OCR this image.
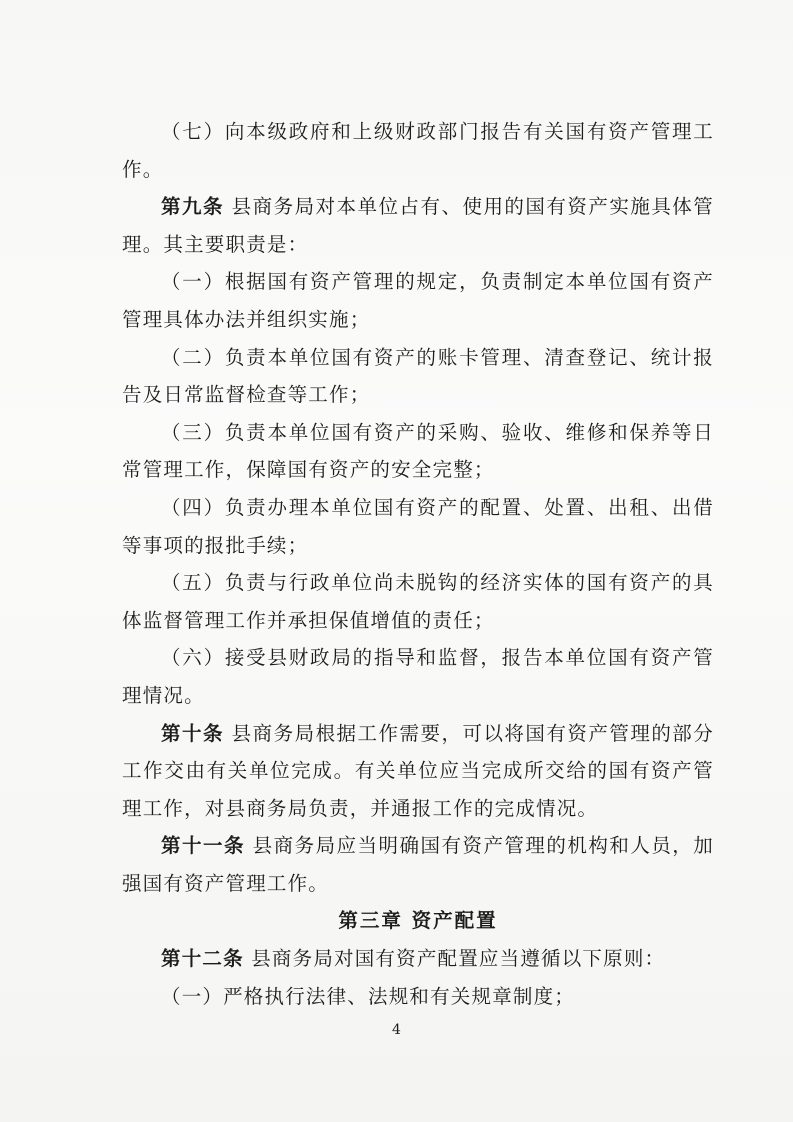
（七）向本级政府和上级财政部门报告有关国有资产管理工作。

第九条 县商务局对本单位占有、使用的国有资产实施具体管理。其主要职责是：

（一）根据国有资产管理的规定，负责制定本单位国有资产管理具体办法并组织实施；

（二）负责本单位国有资产的账卡管理、清查登记、统计报告及日常监督检查等工作；

（三）负责本单位国有资产的采购、验收、维修和保养等日常管理工作，保障国有资产的安全完整；

（四）负责办理本单位国有资产的配置、处置、出租、出借等事项的报批手续；

（五）负责与行政单位尚未脱钩的经济实体的国有资产的具体监督管理工作并承担保值增值的责任；

（六）接受县财政局的指导和监督，报告本单位国有资产管理情况。

第十条 县商务局根据工作需要，可以将国有资产管理的部分工作交由有关单位完成。有关单位应当完成所交给的国有资产管理工作，对县商务局负责，并通报工作的完成情况。

第十一条 县商务局应当明确国有资产管理的机构和人员，加强国有资产管理工作。

第三章 资产配置

第十二条 县商务局对国有资产配置应当遵循以下原则：

（一）严格执行法律、法规和有关规章制度；

4
